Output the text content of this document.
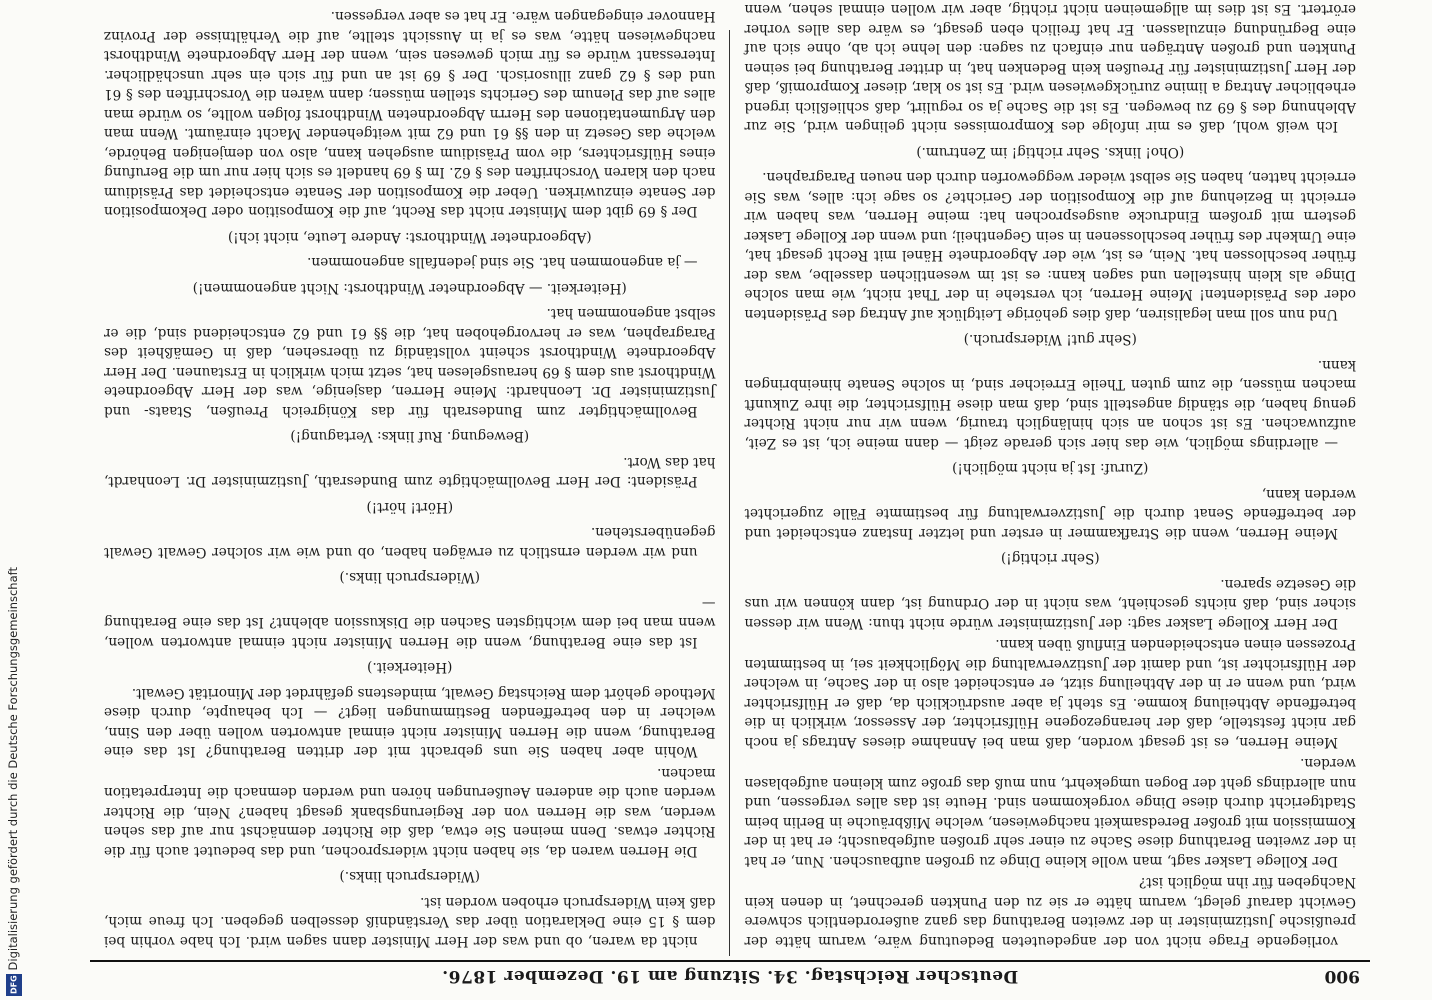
900
Deutscher Reichstag. 34. Sitzung am 19. Dezember 1876.

vorliegende Frage nicht von der angedeuteten Bedeutung wäre, warum hätte der preußische Justizminister in der zweiten Berathung das ganz außerordentlich schwere Gewicht darauf gelegt, warum hätte er sie zu den Punkten gerechnet, in denen kein Nachgeben für ihn möglich ist?

Der Kollege Lasker sagt, man wolle kleine Dinge zu großen aufbauschen. Nun, er hat in der zweiten Berathung diese Sache zu einer sehr großen aufgebauscht; er hat in der Kommission mit großer Beredsamkeit nachgewiesen, welche Mißbräuche in Berlin beim Stadtgericht durch diese Dinge vorgekommen sind. Heute ist das alles vergessen, und nun allerdings geht der Bogen umgekehrt, nun muß das große zum kleinen aufgeblasen werden.

Meine Herren, es ist gesagt worden, daß man bei Annahme dieses Antrags ja noch gar nicht feststelle, daß der herangezogene Hülfsrichter, der Assessor, wirklich in die betreffende Abtheilung komme. Es steht ja aber ausdrücklich da, daß er Hülfsrichter wird, und wenn er in der Abtheilung sitzt, er entscheidet also in der Sache, in welcher der Hülfsrichter ist, und damit der Justizverwaltung die Möglichkeit sei, in bestimmten Prozessen einen entscheidenden Einfluß üben kann.

Der Herr Kollege Lasker sagt: der Justizminister würde nicht thun: Wenn wir dessen sicher sind, daß nichts geschieht, was nicht in der Ordnung ist, dann können wir uns die Gesetze sparen.

(Sehr richtig!)

Meine Herren, wenn die Strafkammer in erster und letzter Instanz entscheidet und der betreffende Senat durch die Justizverwaltung für bestimmte Fälle zugerichtet werden kann,

(Zuruf: Ist ja nicht möglich!)

— allerdings möglich, wie das hier sich gerade zeigt — dann meine ich, ist es Zeit, aufzuwachen. Es ist schon an sich hinlänglich traurig, wenn wir nur nicht Richter genug haben, die ständig angestellt sind, daß man diese Hülfsrichter, die ihre Zukunft machen müssen, die zum guten Theile Erreicher sind, in solche Senate hineinbringen kann.

(Sehr gut! Widerspruch.)

Und nun soll man legalisiren, daß dies gehörige Leitglück auf Antrag des Präsidenten oder des Präsidenten! Meine Herren, ich verstehe in der That nicht, wie man solche Dinge als klein hinstellen und sagen kann: es ist im wesentlichen dasselbe, was der früher beschlossen hat. Nein, es ist, wie der Abgeordnete Hänel mit Recht gesagt hat, eine Umkehr des früher beschlossenen in sein Gegentheil; und wenn der Kollege Lasker gestern mit großem Eindrucke ausgesprochen hat: meine Herren, was haben wir erreicht in Beziehung auf die Komposition der Gerichte? so sage ich: alles, was Sie erreicht hatten, haben Sie selbst wieder weggeworfen durch den neuen Paragraphen.

(Oho! links. Sehr richtig! im Zentrum.)

Ich weiß wohl, daß es mir infolge des Kompromisses nicht gelingen wird, Sie zur Ablehnung des § 69 zu bewegen. Es ist die Sache ja so regulirt, daß schließlich irgend erheblicher Antrag a limine zurückgewiesen wird. Es ist so klar, dieser Kompromiß, daß der Herr Justizminister für Preußen kein Bedenken hat, in dritter Berathung bei seinen Punkten und großen Anträgen nur einfach zu sagen: den lehne ich ab, ohne sich auf eine Begründung einzulassen. Er hat freilich eben gesagt, es wäre das alles vorher erörtert. Es ist dies im allgemeinen nicht richtig, aber wir wollen einmal sehen, wenn

nicht da waren, ob und was der Herr Minister dann sagen wird. Ich habe vorhin bei dem § 15 eine Deklaration über das Verständniß desselben gegeben. Ich freue mich, daß kein Widerspruch erhoben worden ist.

(Widerspruch links.)

Die Herren waren da, sie haben nicht widersprochen, und das bedeutet auch für die Richter etwas. Denn meinen Sie etwa, daß die Richter demnächst nur auf das sehen werden, was die Herren von der Regierungsbank gesagt haben? Nein, die Richter werden auch die anderen Aeußerungen hören und werden demnach die Interpretation machen.

Wohin aber haben Sie uns gebracht mit der dritten Berathung? Ist das eine Berathung, wenn die Herren Minister nicht einmal antworten wollen über den Sinn, welcher in den betreffenden Bestimmungen liegt? — Ich behaupte, durch diese Methode gehört dem Reichstag Gewalt, mindestens gefährdet der Minorität Gewalt.

(Heiterkeit.)

Ist das eine Berathung, wenn die Herren Minister nicht einmal antworten wollen, wenn man bei dem wichtigsten Sachen die Diskussion ablehnt? Ist das eine Berathung —

(Widerspruch links.)

und wir werden ernstlich zu erwägen haben, ob und wie wir solcher Gewalt Gewalt gegenüberstehen.

(Hört! hört!)

Präsident: Der Herr Bevollmächtigte zum Bundesrath, Justizminister Dr. Leonhardt, hat das Wort.

(Bewegung. Ruf links: Vertagung!)

Bevollmächtigter zum Bundesrath für das Königreich Preußen, Staats- und Justizminister Dr. Leonhardt: Meine Herren, dasjenige, was der Herr Abgeordnete Windthorst aus dem § 69 herausgelesen hat, setzt mich wirklich in Erstaunen. Der Herr Abgeordnete Windthorst scheint vollständig zu übersehen, daß in Gemäßheit des Paragraphen, was er hervorgehoben hat, die §§ 61 und 62 entscheidend sind, die er selbst angenommen hat.

(Heiterkeit. — Abgeordneter Windthorst: Nicht angenommen!)

— ja angenommen hat. Sie sind jedenfalls angenommen.

(Abgeordneter Windthorst: Andere Leute, nicht ich!)

Der § 69 gibt dem Minister nicht das Recht, auf die Komposition oder Dekomposition der Senate einzuwirken. Ueber die Komposition der Senate entscheidet das Präsidium nach den klaren Vorschriften des § 62. Im § 69 handelt es sich hier nur um die Berufung eines Hülfsrichters, die vom Präsidium ausgehen kann, also von demjenigen Behörde, welche das Gesetz in den §§ 61 und 62 mit weitgehender Macht einräumt. Wenn man den Argumentationen des Herrn Abgeordneten Windthorst folgen wollte, so würde man alles auf das Plenum des Gerichts stellen müssen; dann wären die Vorschriften des § 61 und des § 62 ganz illusorisch. Der § 69 ist an und für sich ein sehr unschädlicher. Interessant würde es für mich gewesen sein, wenn der Herr Abgeordnete Windthorst nachgewiesen hätte, was es ja in Aussicht stellte, auf die Verhältnisse der Provinz Hannover eingegangen wäre. Er hat es aber vergessen.

Digitalisierung gefördert durch die Deutsche Forschungsgemeinschaft
DFG
